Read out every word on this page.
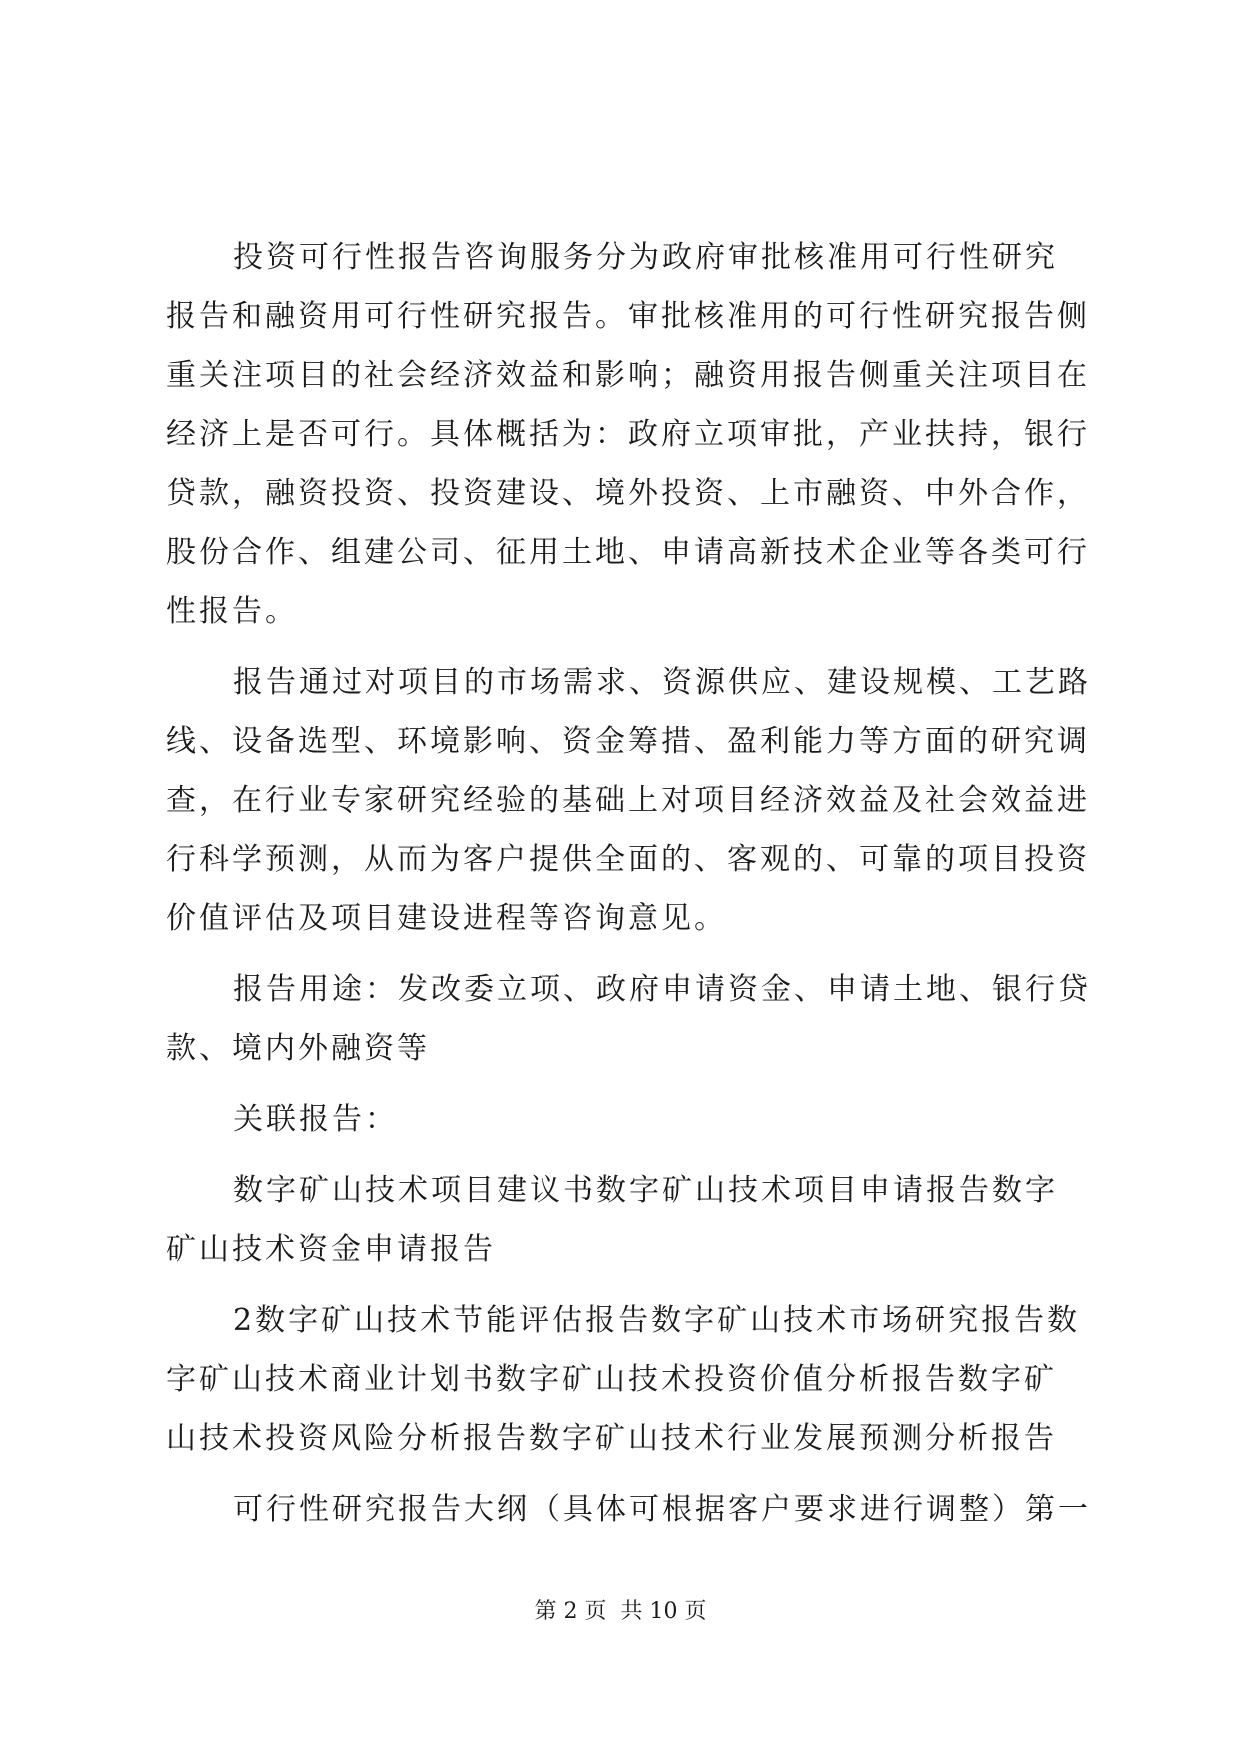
投资可行性报告咨询服务分为政府审批核准用可行性研究
报告和融资用可行性研究报告。审批核准用的可行性研究报告侧
重关注项目的社会经济效益和影响；融资用报告侧重关注项目在
经济上是否可行。具体概括为：政府立项审批，产业扶持，银行
贷款，融资投资、投资建设、境外投资、上市融资、中外合作，
股份合作、组建公司、征用土地、申请高新技术企业等各类可行
性报告。
报告通过对项目的市场需求、资源供应、建设规模、工艺路
线、设备选型、环境影响、资金筹措、盈利能力等方面的研究调
查，在行业专家研究经验的基础上对项目经济效益及社会效益进
行科学预测，从而为客户提供全面的、客观的、可靠的项目投资
价值评估及项目建设进程等咨询意见。
报告用途：发改委立项、政府申请资金、申请土地、银行贷
款、境内外融资等
关联报告：
数字矿山技术项目建议书数字矿山技术项目申请报告数字
矿山技术资金申请报告
2数字矿山技术节能评估报告数字矿山技术市场研究报告数
字矿山技术商业计划书数字矿山技术投资价值分析报告数字矿
山技术投资风险分析报告数字矿山技术行业发展预测分析报告
可行性研究报告大纲（具体可根据客户要求进行调整）第一
第 2 页 共 10 页
